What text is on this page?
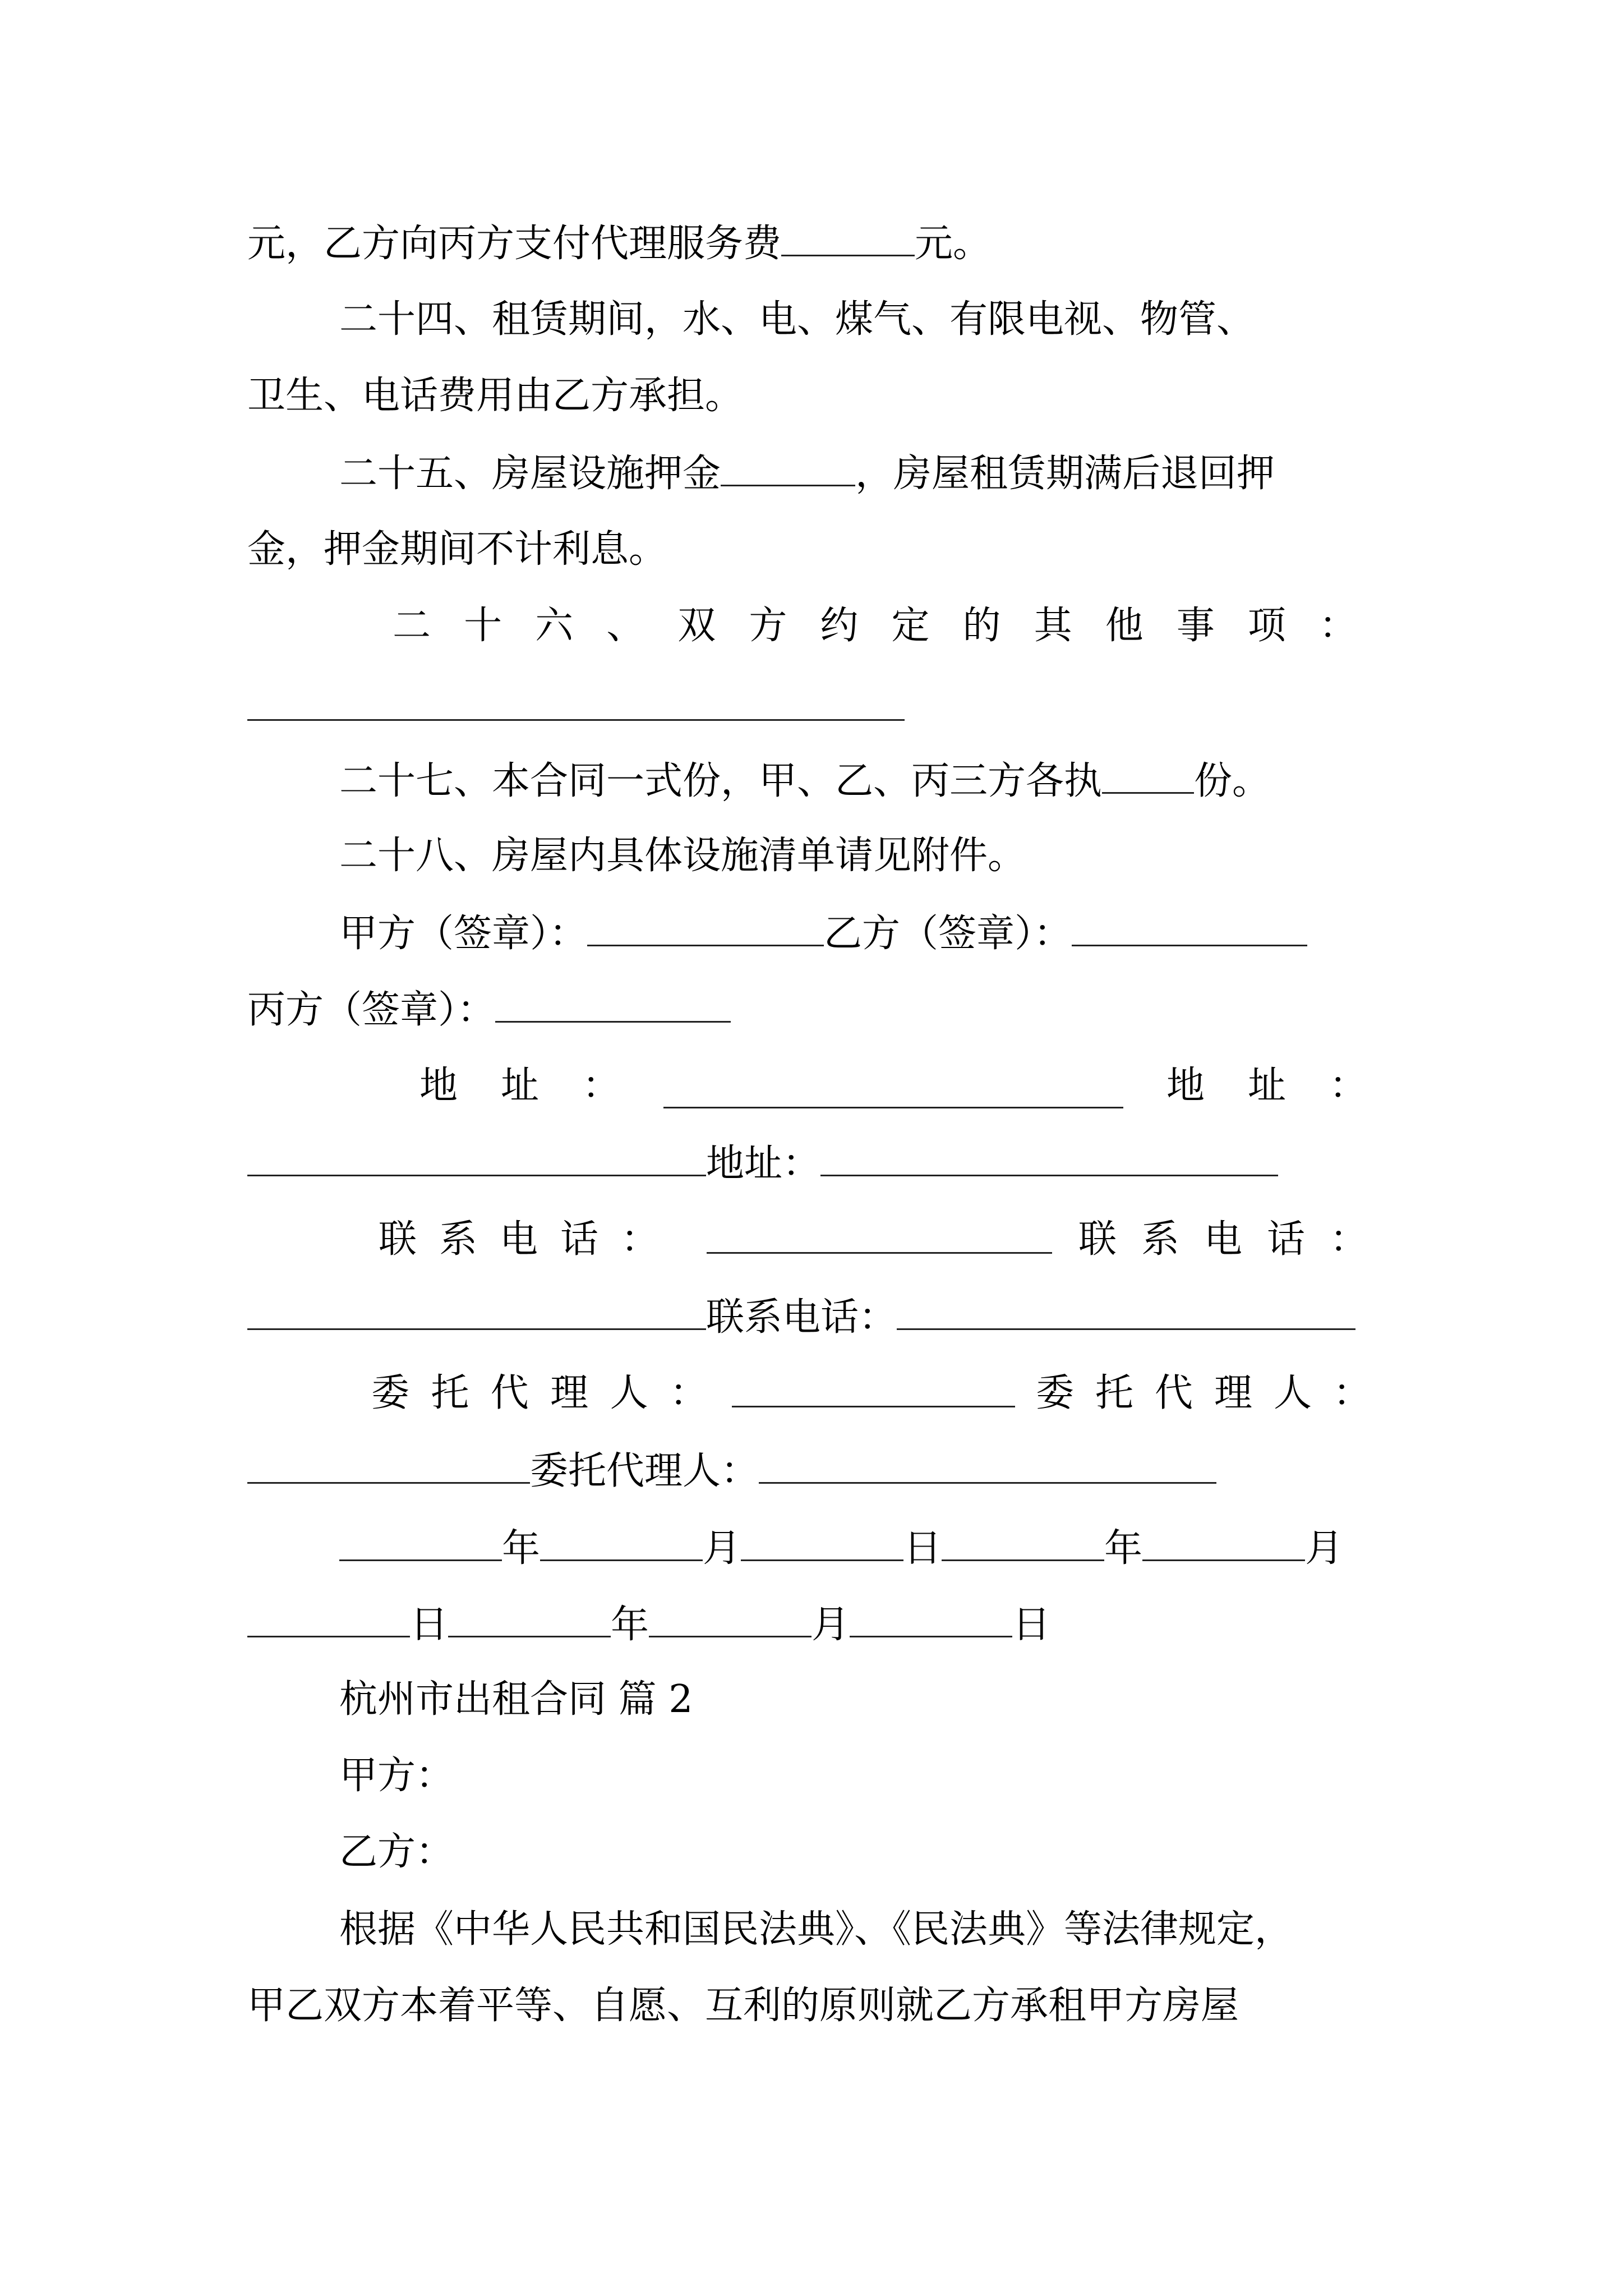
元，乙方向丙方支付代理服务费	元。
二十四、租赁期间，水、电、煤气、有限电视、物管、
卫生、电话费用由乙方承担。
二十五、房屋设施押金	，房屋租赁期满后退回押
金，押金期间不计利息。
二 十 六 、 双 方 约 定 的 其 他 事 项 ：
二十七、本合同一式份，甲、乙、丙三方各执 份。
二十八、房屋内具体设施清单请见附件。
甲方（签章）：	乙方（签章）：
丙方（签章）：
地 址 ：	地 址 ：
地址：
联 系 电 话 ：	联 系 电 话 ：
联系电话：
委 托 代 理 人 ：	委 托 代 理 人 ：
委托代理人：
年	月	日	年	月
日	年	月	日
杭州市出租合同 篇 2
甲方：
乙方：
根据《中华人民共和国民法典》、《民法典》等法律规定，
甲乙双方本着平等、自愿、互利的原则就乙方承租甲方房屋
